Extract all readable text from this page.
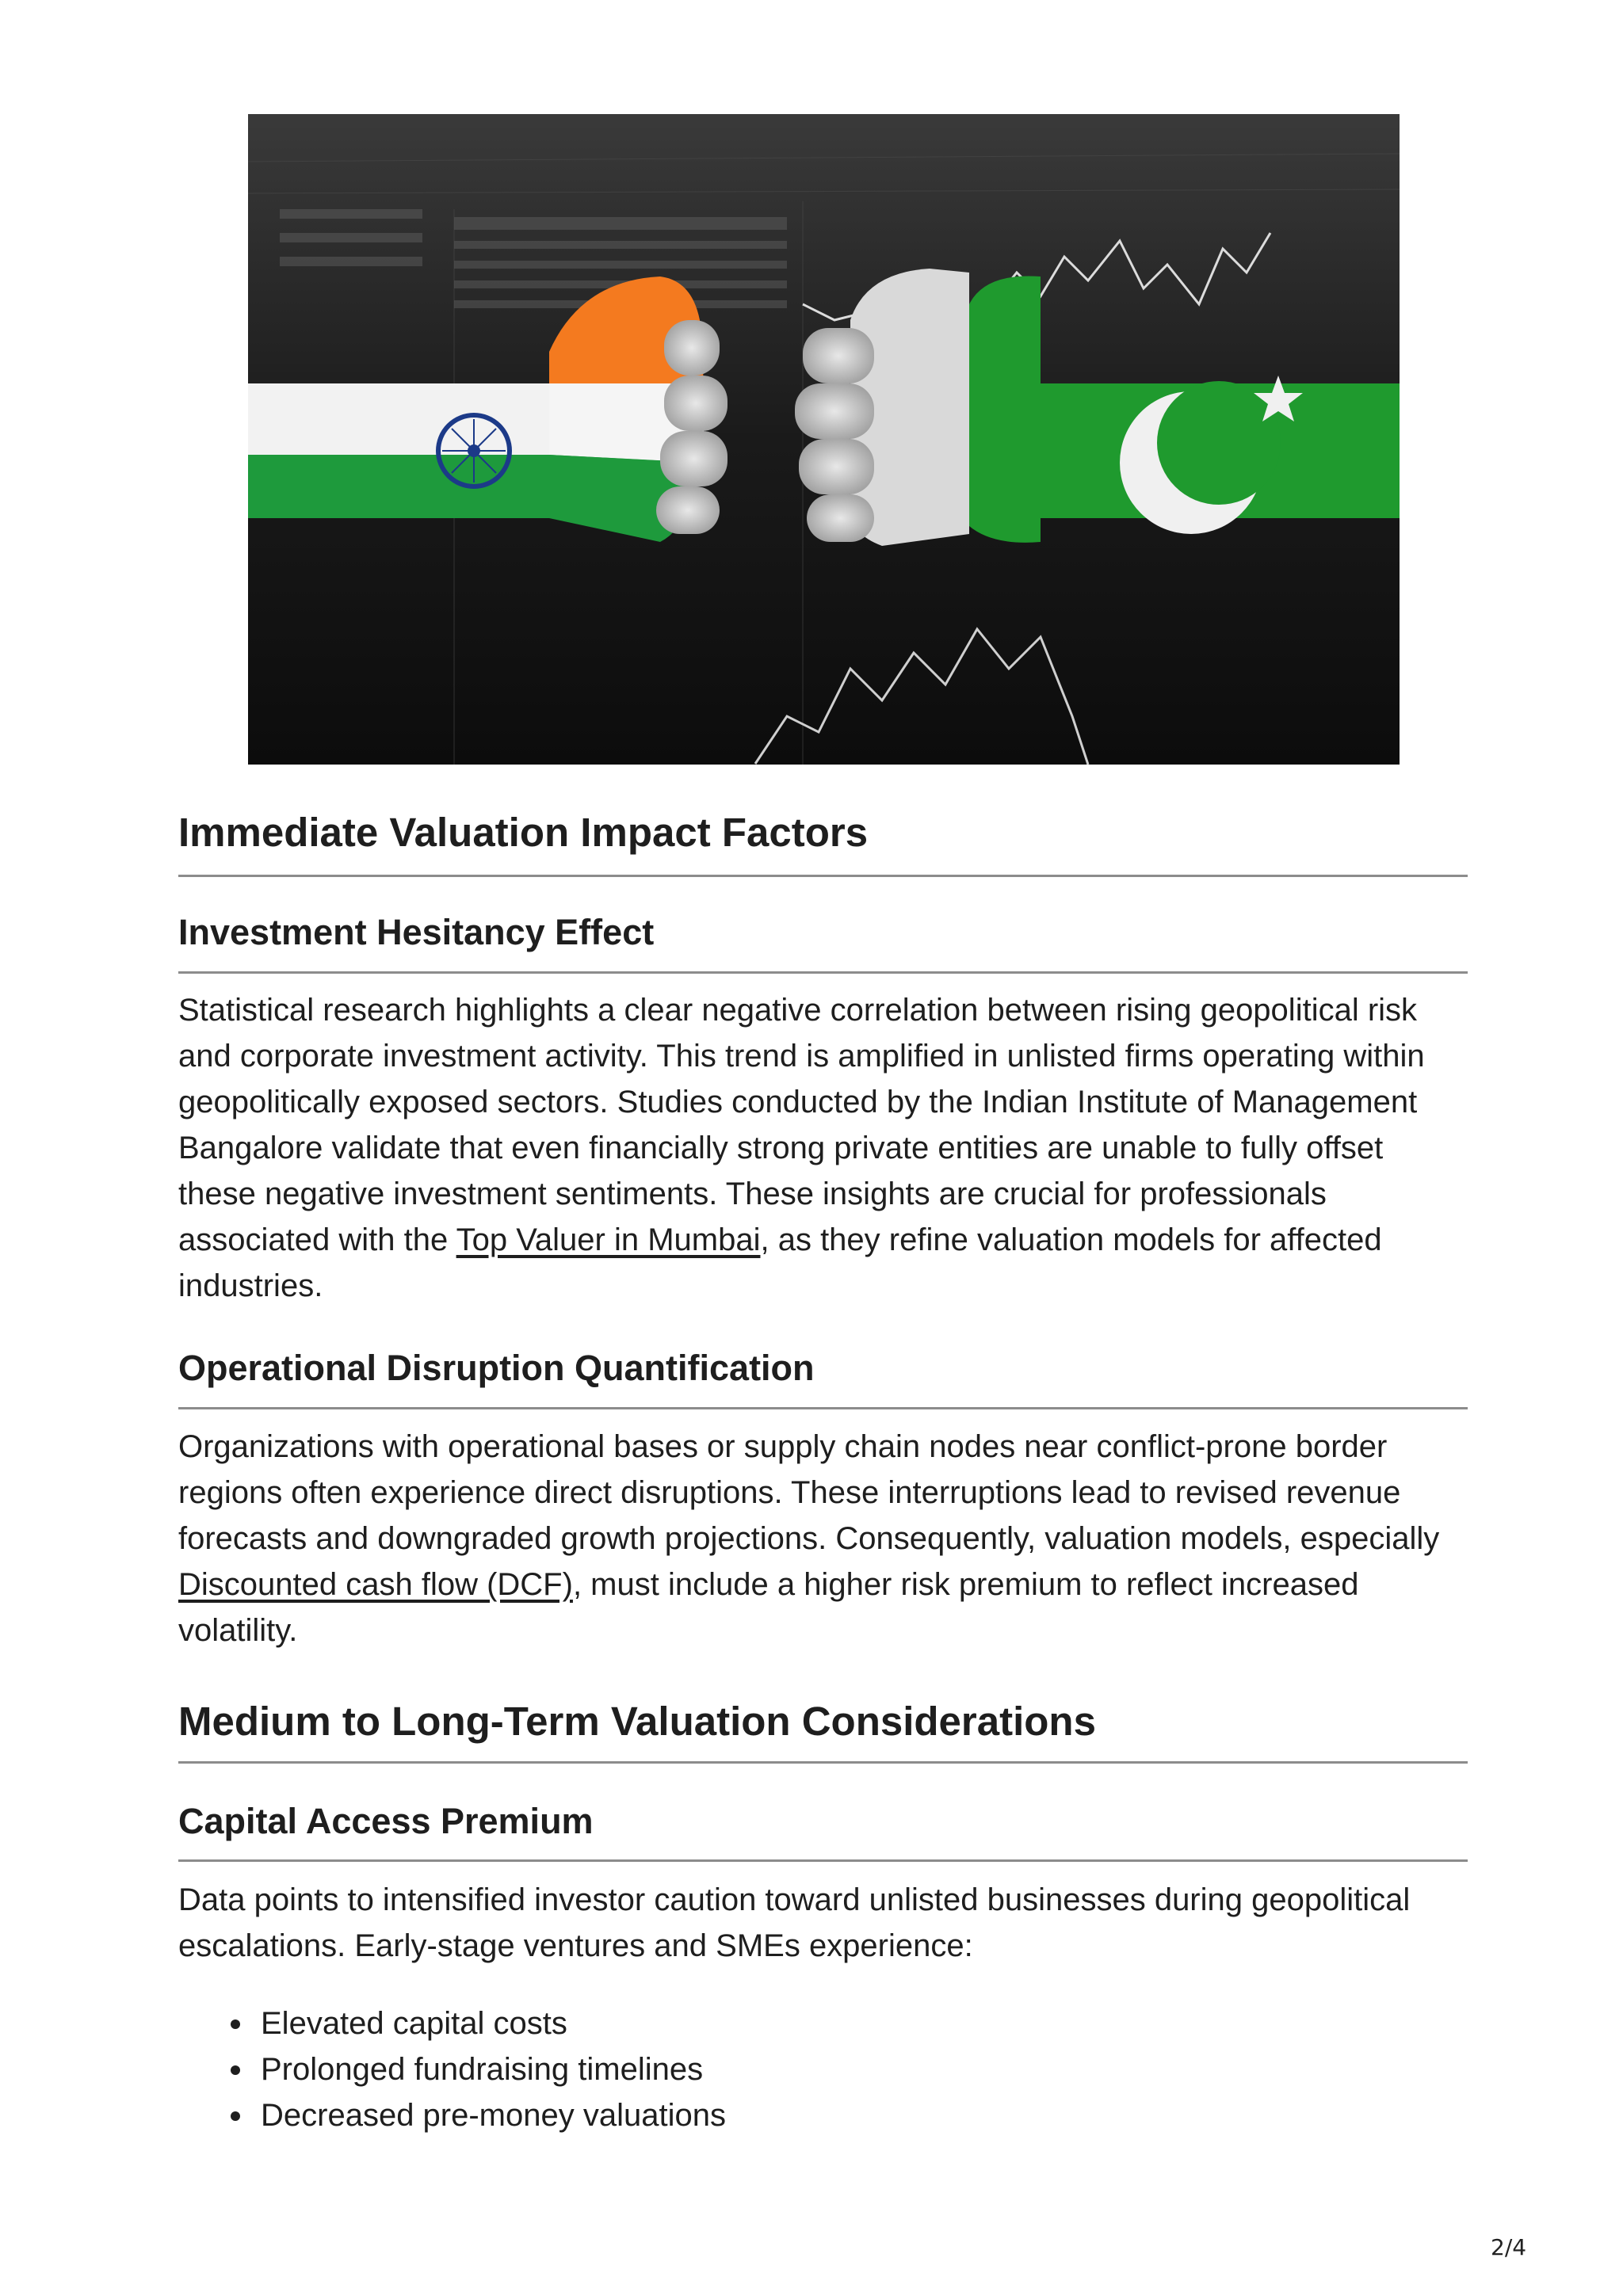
Immediate Valuation Impact Factors
Investment Hesitancy Effect

Statistical research highlights a clear negative correlation between rising geopolitical risk and corporate investment activity. This trend is amplified in unlisted firms operating within geopolitically exposed sectors. Studies conducted by the Indian Institute of Management Bangalore validate that even financially strong private entities are unable to fully offset these negative investment sentiments. These insights are crucial for professionals associated with the Top Valuer in Mumbai, as they refine valuation models for affected industries.

Operational Disruption Quantification

Organizations with operational bases or supply chain nodes near conflict-prone border regions often experience direct disruptions. These interruptions lead to revised revenue forecasts and downgraded growth projections. Consequently, valuation models, especially Discounted cash flow (DCF), must include a higher risk premium to reflect increased volatility.

Medium to Long-Term Valuation Considerations
Capital Access Premium

Data points to intensified investor caution toward unlisted businesses during geopolitical escalations. Early-stage ventures and SMEs experience:

Elevated capital costs
Prolonged fundraising timelines
Decreased pre-money valuations
2/4
